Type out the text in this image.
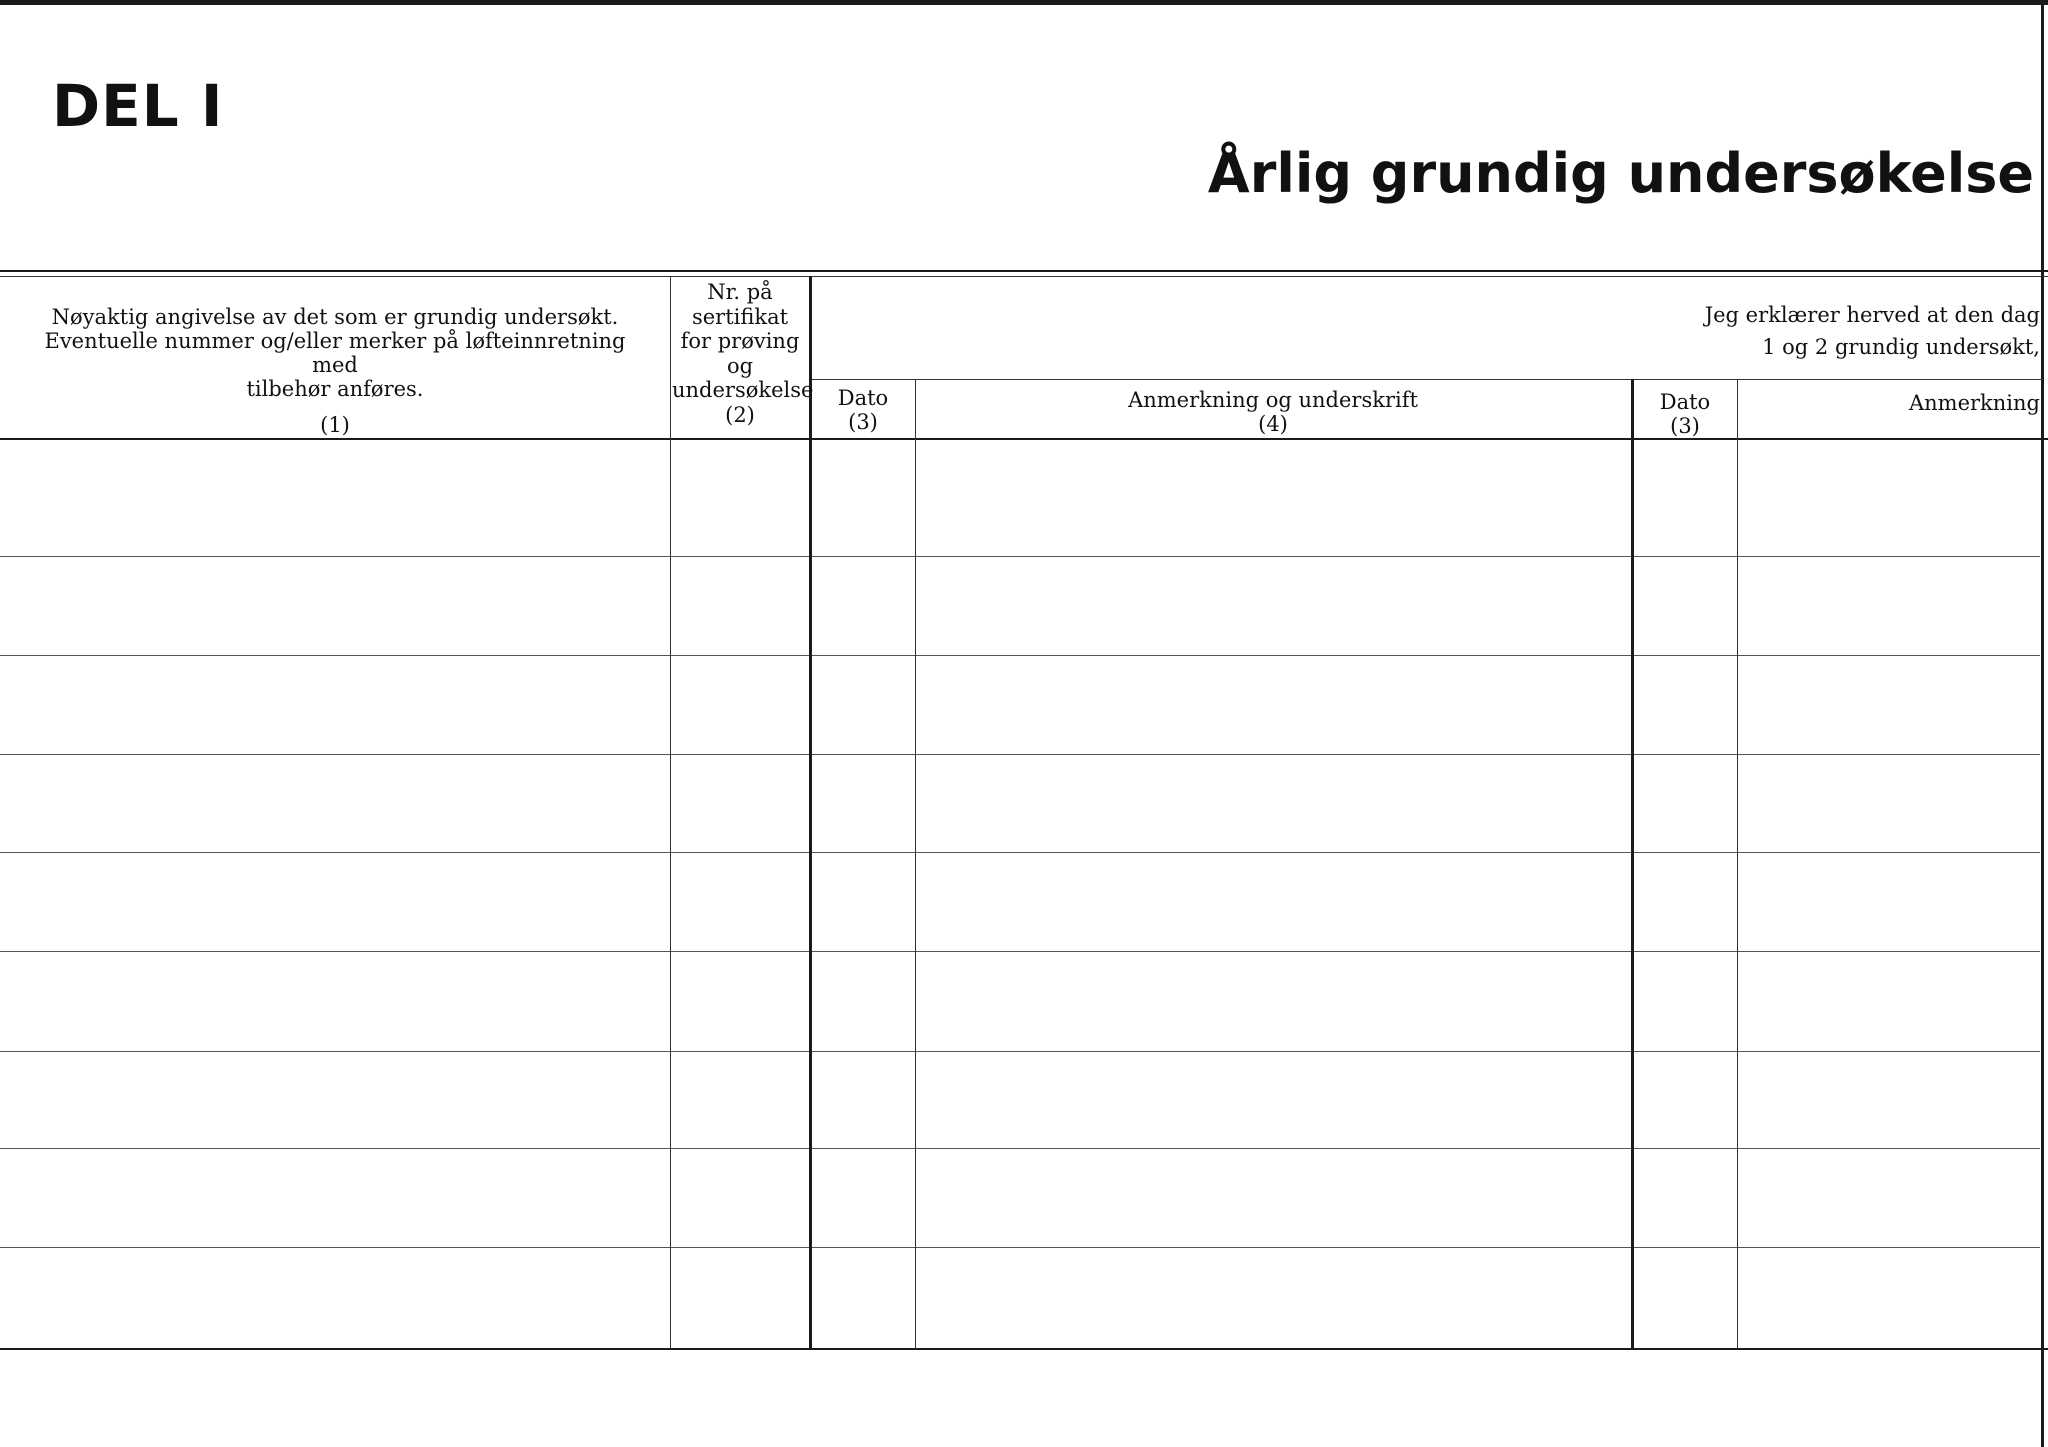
DEL I
Årlig grundig undersøkelse
Nøyaktig angivelse av det som er grundig undersøkt.
Eventuelle nummer og/eller merker på løfteinnretning med
tilbehør anføres.
(1)
Nr. på
sertifikat
for prøving
og
undersøkelse
(2)
Jeg erklærer herved at den dag
1 og 2 grundig undersøkt,
Dato
(3)
Anmerkning og underskrift
(4)
Dato
(3)
Anmerkning
